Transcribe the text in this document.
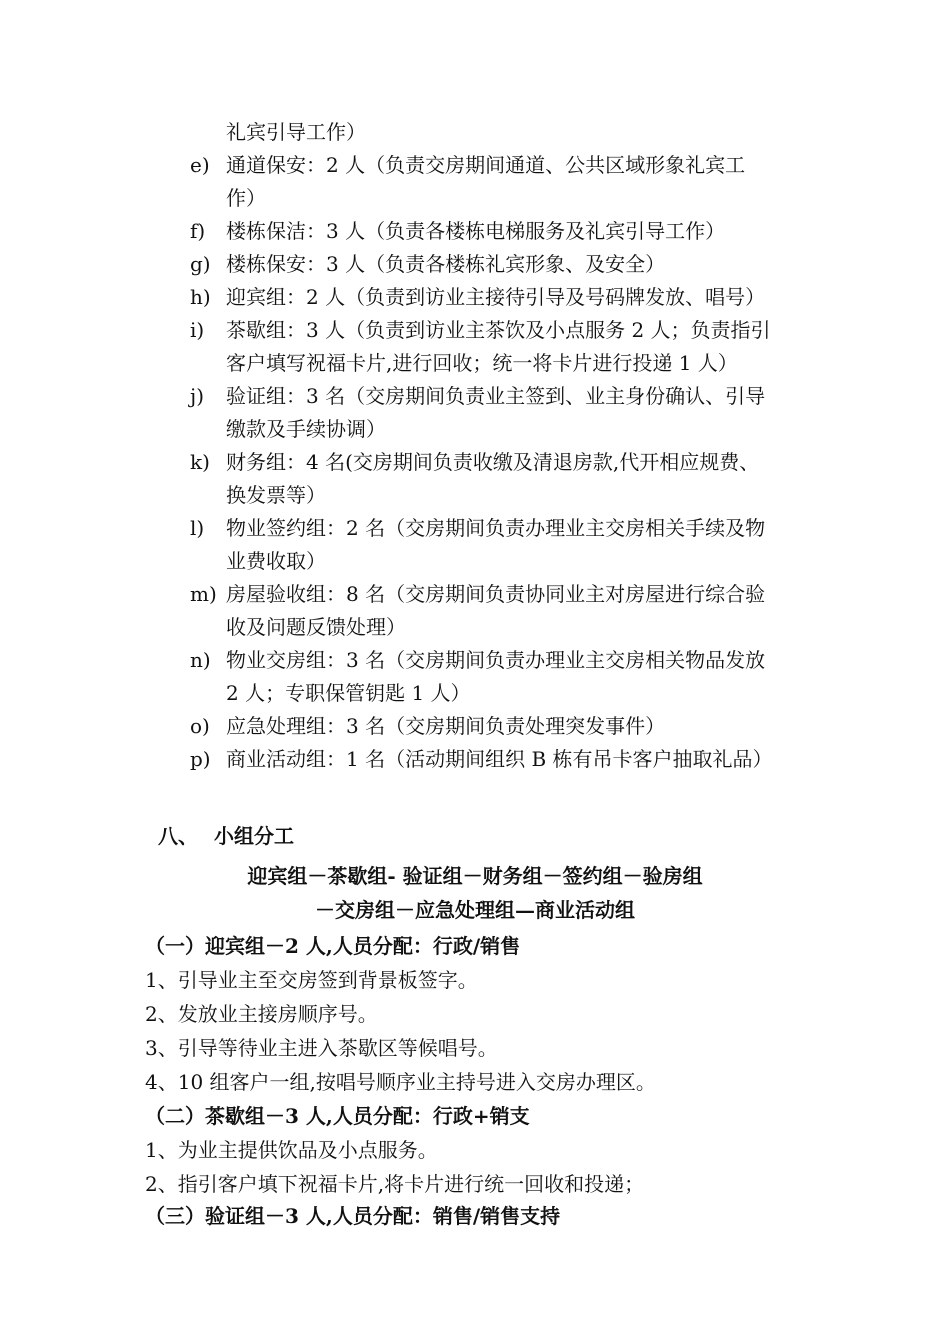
礼宾引导工作）
e) 通道保安：2 人（负责交房期间通道、公共区域形象礼宾工
作）
f)	楼栋保洁：3 人（负责各楼栋电梯服务及礼宾引导工作）
g) 楼栋保安：3 人（负责各楼栋礼宾形象、及安全）
h) 迎宾组：2 人（负责到访业主接待引导及号码牌发放、唱号）
i)	茶歇组：3 人（负责到访业主茶饮及小点服务 2 人；负责指引
客户填写祝福卡片,进行回收；统一将卡片进行投递 1 人）
j)	验证组：3 名（交房期间负责业主签到、业主身份确认、引导
缴款及手续协调）
k) 财务组：4 名(交房期间负责收缴及清退房款,代开相应规费、
换发票等）
l)	物业签约组：2 名（交房期间负责办理业主交房相关手续及物
业费收取）
m) 房屋验收组：8 名（交房期间负责协同业主对房屋进行综合验
收及问题反馈处理）
n) 物业交房组：3 名（交房期间负责办理业主交房相关物品发放
2 人；专职保管钥匙 1 人）
o) 应急处理组：3 名（交房期间负责处理突发事件）
p) 商业活动组：1 名（活动期间组织 B 栋有吊卡客户抽取礼品）
八、 小组分工
迎宾组－茶歇组- 验证组－财务组－签约组－验房组
－交房组－应急处理组—商业活动组
（一）迎宾组－2 人,人员分配：行政/销售
1、引导业主至交房签到背景板签字。
2、发放业主接房顺序号。
3、引导等待业主进入茶歇区等候唱号。
4、10 组客户一组,按唱号顺序业主持号进入交房办理区。
（二）茶歇组－3 人,人员分配：行政+销支
1、为业主提供饮品及小点服务。
2、指引客户填下祝福卡片,将卡片进行统一回收和投递；
（三）验证组－3 人,人员分配：销售/销售支持
